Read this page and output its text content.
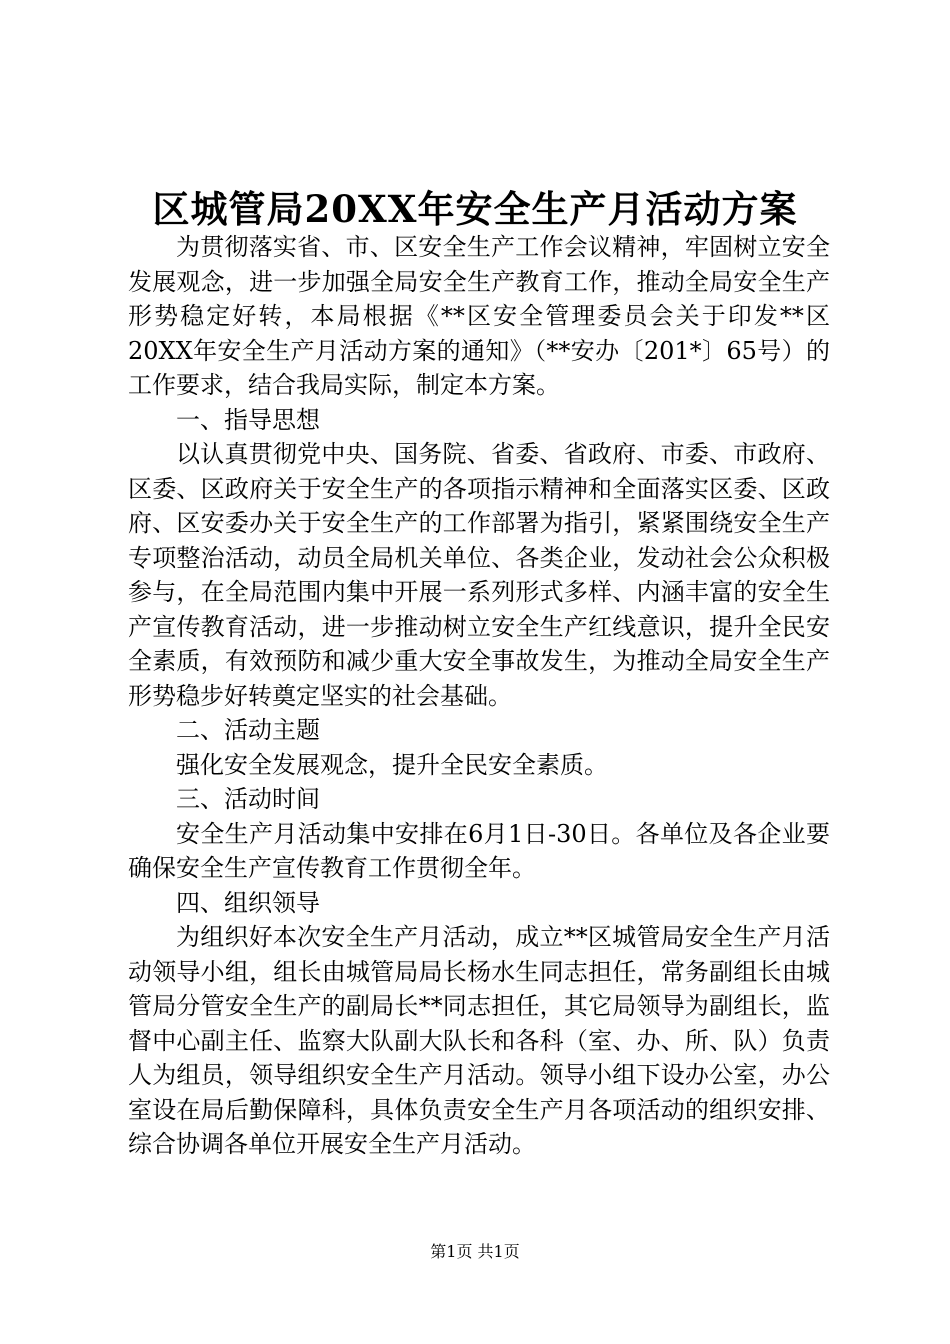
区城管局20XX年安全生产月活动方案

为贯彻落实省、市、区安全生产工作会议精神，牢固树立安全发展观念，进一步加强全局安全生产教育工作，推动全局安全生产形势稳定好转，本局根据《**区安全管理委员会关于印发**区20XX年安全生产月活动方案的通知》（**安办〔201*〕65号）的工作要求，结合我局实际，制定本方案。

一、指导思想

以认真贯彻党中央、国务院、省委、省政府、市委、市政府、区委、区政府关于安全生产的各项指示精神和全面落实区委、区政府、区安委办关于安全生产的工作部署为指引，紧紧围绕安全生产专项整治活动，动员全局机关单位、各类企业，发动社会公众积极参与，在全局范围内集中开展一系列形式多样、内涵丰富的安全生产宣传教育活动，进一步推动树立安全生产红线意识，提升全民安全素质，有效预防和减少重大安全事故发生，为推动全局安全生产形势稳步好转奠定坚实的社会基础。

二、活动主题

强化安全发展观念，提升全民安全素质。

三、活动时间

安全生产月活动集中安排在6月1日-30日。各单位及各企业要确保安全生产宣传教育工作贯彻全年。

四、组织领导

为组织好本次安全生产月活动，成立**区城管局安全生产月活动领导小组，组长由城管局局长杨水生同志担任，常务副组长由城管局分管安全生产的副局长**同志担任，其它局领导为副组长，监督中心副主任、监察大队副大队长和各科（室、办、所、队）负责人为组员，领导组织安全生产月活动。领导小组下设办公室，办公室设在局后勤保障科，具体负责安全生产月各项活动的组织安排、综合协调各单位开展安全生产月活动。

第1页 共1页
